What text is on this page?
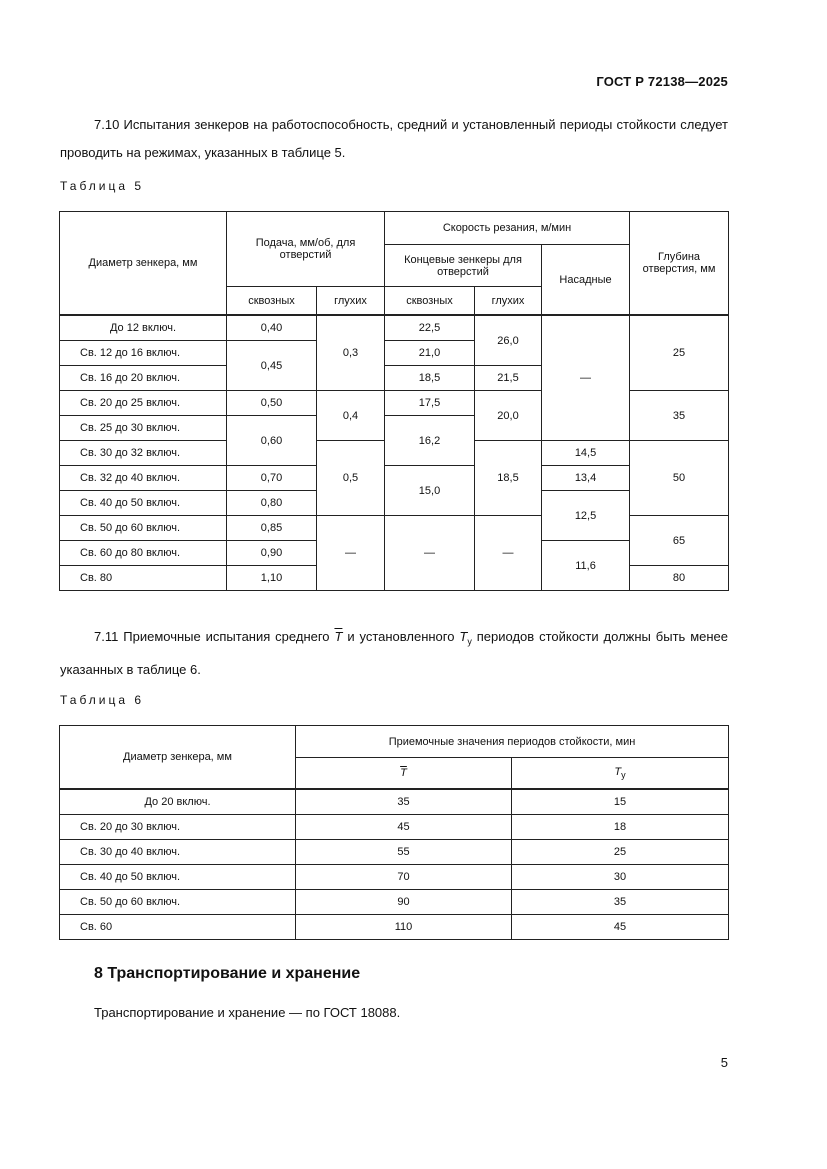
ГОСТ Р 72138—2025
7.10 Испытания зенкеров на работоспособность, средний и установленный периоды стойкости следует проводить на режимах, указанных в таблице 5.
Таблица 5
Диаметр зенкера, мм	Подача, мм/об, для отверстий		Скорость резания, м/мин			Глубина отверстия, мм
			Концевые зенкеры для отверстий		Насадные	
	сквозных	глухих	сквозных	глухих		
До 12 включ.	0,40	0,3	22,5	26,0	—	25
Св. 12 до 16 включ.	0,45		21,0			
Св. 16 до 20 включ.			18,5	21,5		
Св. 20 до 25 включ.	0,50	0,4	17,5	20,0		35
Св. 25 до 30 включ.	0,60		16,2			
Св. 30 до 32 включ.		0,5		18,5	14,5	50
Св. 32 до 40 включ.	0,70		15,0		13,4	
Св. 40 до 50 включ.	0,80				12,5	
Св. 50 до 60 включ.	0,85	—	—	—		65
Св. 60 до 80 включ.	0,90				11,6	
Св. 80	1,10					80
7.11 Приемочные испытания среднего $\overline{T}$ и установленного $T_y$ периодов стойкости должны быть менее указанных в таблице 6.
Таблица 6
Диаметр зенкера, мм	Приемочные значения периодов стойкости, мин	
	$\overline{T}$	$T_y$
До 20 включ.	35	15
Св. 20 до 30 включ.	45	18
Св. 30 до 40 включ.	55	25
Св. 40 до 50 включ.	70	30
Св. 50 до 60 включ.	90	35
Св. 60	110	45
8 Транспортирование и хранение
Транспортирование и хранение — по ГОСТ 18088.
5
